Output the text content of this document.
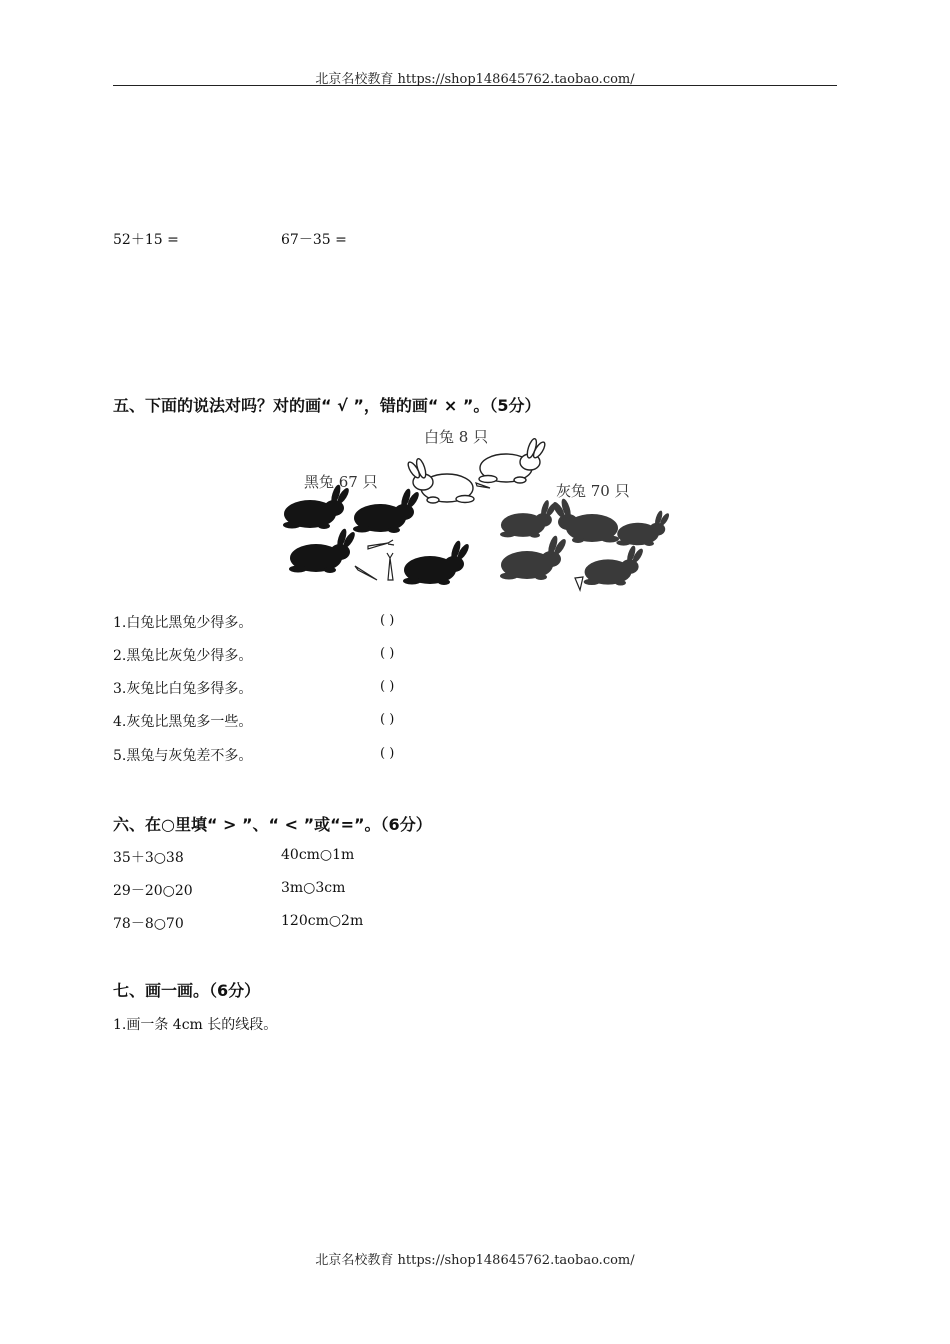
北京名校教育 https://shop148645762.taobao.com/
52＋15 =	67－35 =
五、下面的说法对吗？对的画“ √ ”，错的画“ × ”。（5分）
白兔 8 只
黑兔 67 只	灰兔 70 只
1.白兔比黑兔少得多。	( )
2.黑兔比灰兔少得多。	( )
3.灰兔比白兔多得多。	( )
4.灰兔比黑兔多一些。	( )
5.黑兔与灰兔差不多。	( )
六、在○里填“ > ”、“ < ”或“=”。（6分）
35＋3○38	40cm○1m
29－20○20	3m○3cm
78－8○70	120cm○2m
七、画一画。（6分）
1.画一条 4cm 长的线段。
北京名校教育 https://shop148645762.taobao.com/
